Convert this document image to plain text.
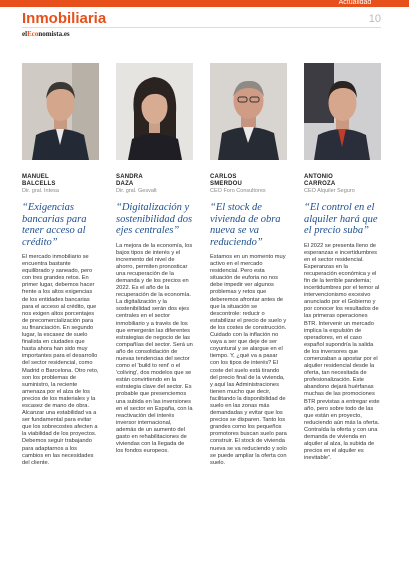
Actualidad
Inmobiliaria	10
elEconomista.es
MANUEL
BALCELLS
Dir. gral. Intesa
“Exigencias bancarias para tener acceso al crédito”
El mercado inmobiliario se encuentra bastante equilibrado y saneado, pero con tres grandes retos. En primer lugar, debemos hacer frente a los altos exigencias de los entidades bancarias para el acceso al crédito, que nos exigen altos porcentajes de precomercialización para su financiación. En segundo lugar, la escasez de suelo finalista en ciudades que hasta ahora han sido muy importantes para el desarrollo del sector residencial, como Madrid o Barcelona. Otro reto, son los problemas de suministro, la reciente amenaza por el alza de los precios de los materiales y la escasez de mano de obra. Alcanzar una estabilidad va a ser fundamental para evitar que los sobrecostes afecten a la viabilidad de los proyectos. Debemos seguir trabajando para adaptarnos a los cambios en las necesidades del cliente.
SANDRA
DAZA
Dir. gral. Gesvalt
“Digitalización y sostenibilidad dos ejes centrales”
La mejora de la economía, los bajos tipos de interés y el incremento del nivel de ahorro, permiten pronosticar una recuperación de la demanda y de los precios en 2022. Es el año de la recuperación de la economía. La digitalización y la sostenibilidad serán dos ejes centrales en el sector inmobiliario y a través de los que emergerán las diferentes estrategias de negocio de las compañías del sector. Será un año de consolidación de nuevas tendencias del sector como el 'build to rent' o el 'coliving', dos modelos que se están convirtiendo en la estrategia clave del sector. Es probable que presenciemos una subida en las inversiones en el sector en España, con la reactivación del interés inversor internacional, además de un aumento del gasto en rehabilitaciones de viviendas con la llegada de los fondos europeos.
CARLOS
SMERDOU
CEO Foro Consultores
“El stock de vivienda de obra nueva se va reduciendo”
Estamos en un momento muy activo en el mercado residencial. Pero esta situación de euforia no nos debe impedir ver algunos problemas y retos que deberemos afrontar antes de que la situación se descontrole: reducir o estabilizar el precio de suelo y de los costes de construcción. Cuidado con la inflación no vaya a ser que deje de ser coyuntural y se alargue en el tiempo. Y, ¿qué va a pasar con los tipos de interés? El coste del suelo está tirando del precio final de la vivienda, y aquí las Administraciones tienen mucho que decir, facilitando la disponibilidad de suelo en las zonas más demandadas y evitar que los precios se disparen. Tanto los grandes como los pequeños promotores buscan suelo para construir. El stock de vivienda nueva se va reduciendo y solo se puede ampliar la oferta con suelo.
ANTONIO
CARROZA
CEO Alquiler Seguro
“El control en el alquiler hará que el precio suba”
El 2022 se presenta lleno de esperanzas e incertidumbres en el sector residencial. Esperanzas en la recuperación económica y el fin de la terrible pandemia; incertidumbres por el temor al intervencionismo excesivo anunciado por el Gobierno y por conocer los resultados de las primeras operaciones BTR. Intervenir un mercado implica la expulsión de operadores, en el caso español supondría la salida de los inversores que comenzaban a apostar por el alquiler residencial desde la oferta, tan necesitada de profesionalización. Este abandono dejará huérfanas muchas de las promociones BTR previstas a entregar este año, pero sobre todo de las que están en proyecto, reduciendo aún más la oferta. Contraída la oferta y con una demanda de vivienda en alquiler al alza, la subida de precios en el alquiler es inevitable”.
